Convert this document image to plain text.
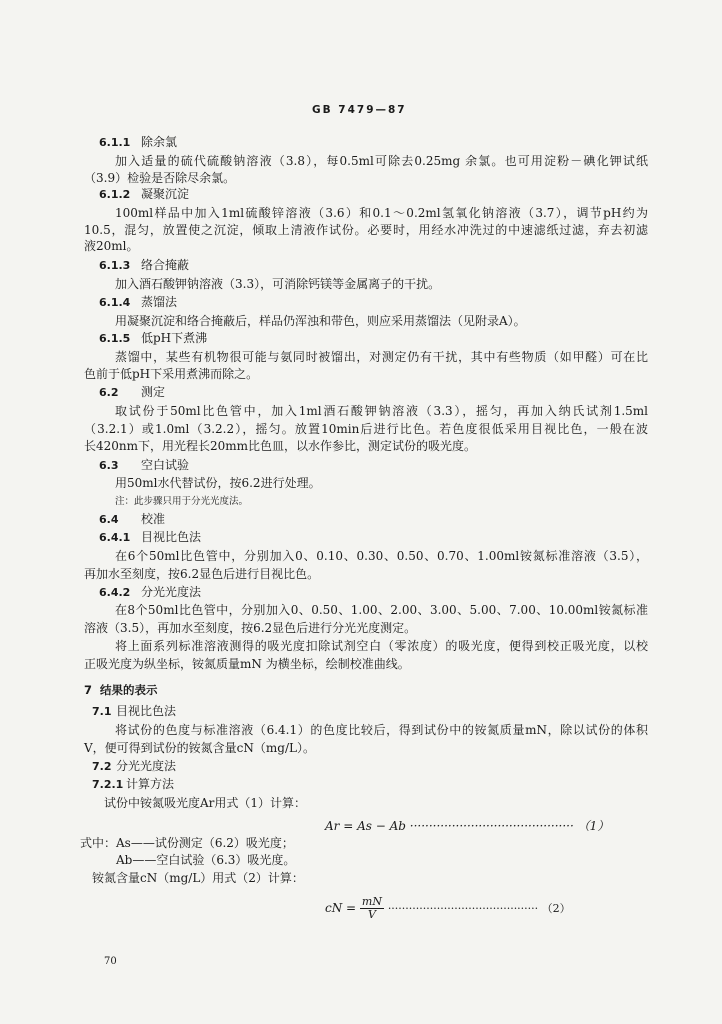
GB 7479—87
6.1.1 除余氯
加入适量的硫代硫酸钠溶液（3.8），每0.5ml可除去0.25mg 余氯。也可用淀粉－碘化钾试纸
（3.9）检验是否除尽余氯。
6.1.2 凝聚沉淀
100ml样品中加入1ml硫酸锌溶液（3.6）和0.1～0.2ml氢氧化钠溶液（3.7），调节pH约为
10.5，混匀，放置使之沉淀，倾取上清液作试份。必要时，用经水冲洗过的中速滤纸过滤，弃去初滤
液20ml。
6.1.3 络合掩蔽
加入酒石酸钾钠溶液（3.3），可消除钙镁等金属离子的干扰。
6.1.4 蒸馏法
用凝聚沉淀和络合掩蔽后，样品仍浑浊和带色，则应采用蒸馏法（见附录A）。
6.1.5 低pH下煮沸
蒸馏中，某些有机物很可能与氨同时被馏出，对测定仍有干扰，其中有些物质（如甲醛）可在比
色前于低pH下采用煮沸而除之。
6.2 测定
取试份于50ml比色管中，加入1ml酒石酸钾钠溶液（3.3），摇匀，再加入纳氏试剂1.5ml
（3.2.1）或1.0ml（3.2.2），摇匀。放置10min后进行比色。若色度很低采用目视比色，一般在波
长420nm下，用光程长20mm比色皿，以水作参比，测定试份的吸光度。
6.3 空白试验
用50ml水代替试份，按6.2进行处理。
注：此步骤只用于分光光度法。
6.4 校准
6.4.1 目视比色法
在6个50ml比色管中，分别加入0、0.10、0.30、0.50、0.70、1.00ml铵氮标准溶液（3.5），
再加水至刻度，按6.2显色后进行目视比色。
6.4.2 分光光度法
在8个50ml比色管中，分别加入0、0.50、1.00、2.00、3.00、5.00、7.00、10.00ml铵氮标准
溶液（3.5），再加水至刻度，按6.2显色后进行分光光度测定。
将上面系列标准溶液测得的吸光度扣除试剂空白（零浓度）的吸光度，便得到校正吸光度，以校
正吸光度为纵坐标，铵氮质量mN 为横坐标，绘制校准曲线。
7 结果的表示
7.1 目视比色法
将试份的色度与标准溶液（6.4.1）的色度比较后，得到试份中的铵氮质量mN，除以试份的体积
V，便可得到试份的铵氮含量cN（mg/L）。
7.2 分光光度法
7.2.1 计算方法
试份中铵氮吸光度Ar用式（1）计算：
Ar = As − Ab ··········································· （1）
式中：As——试份测定（6.2）吸光度；
Ab——空白试验（6.3）吸光度。
铵氮含量cN（mg/L）用式（2）计算：
cN = $\frac{mN}{V}$ ··········································· （2）
70
